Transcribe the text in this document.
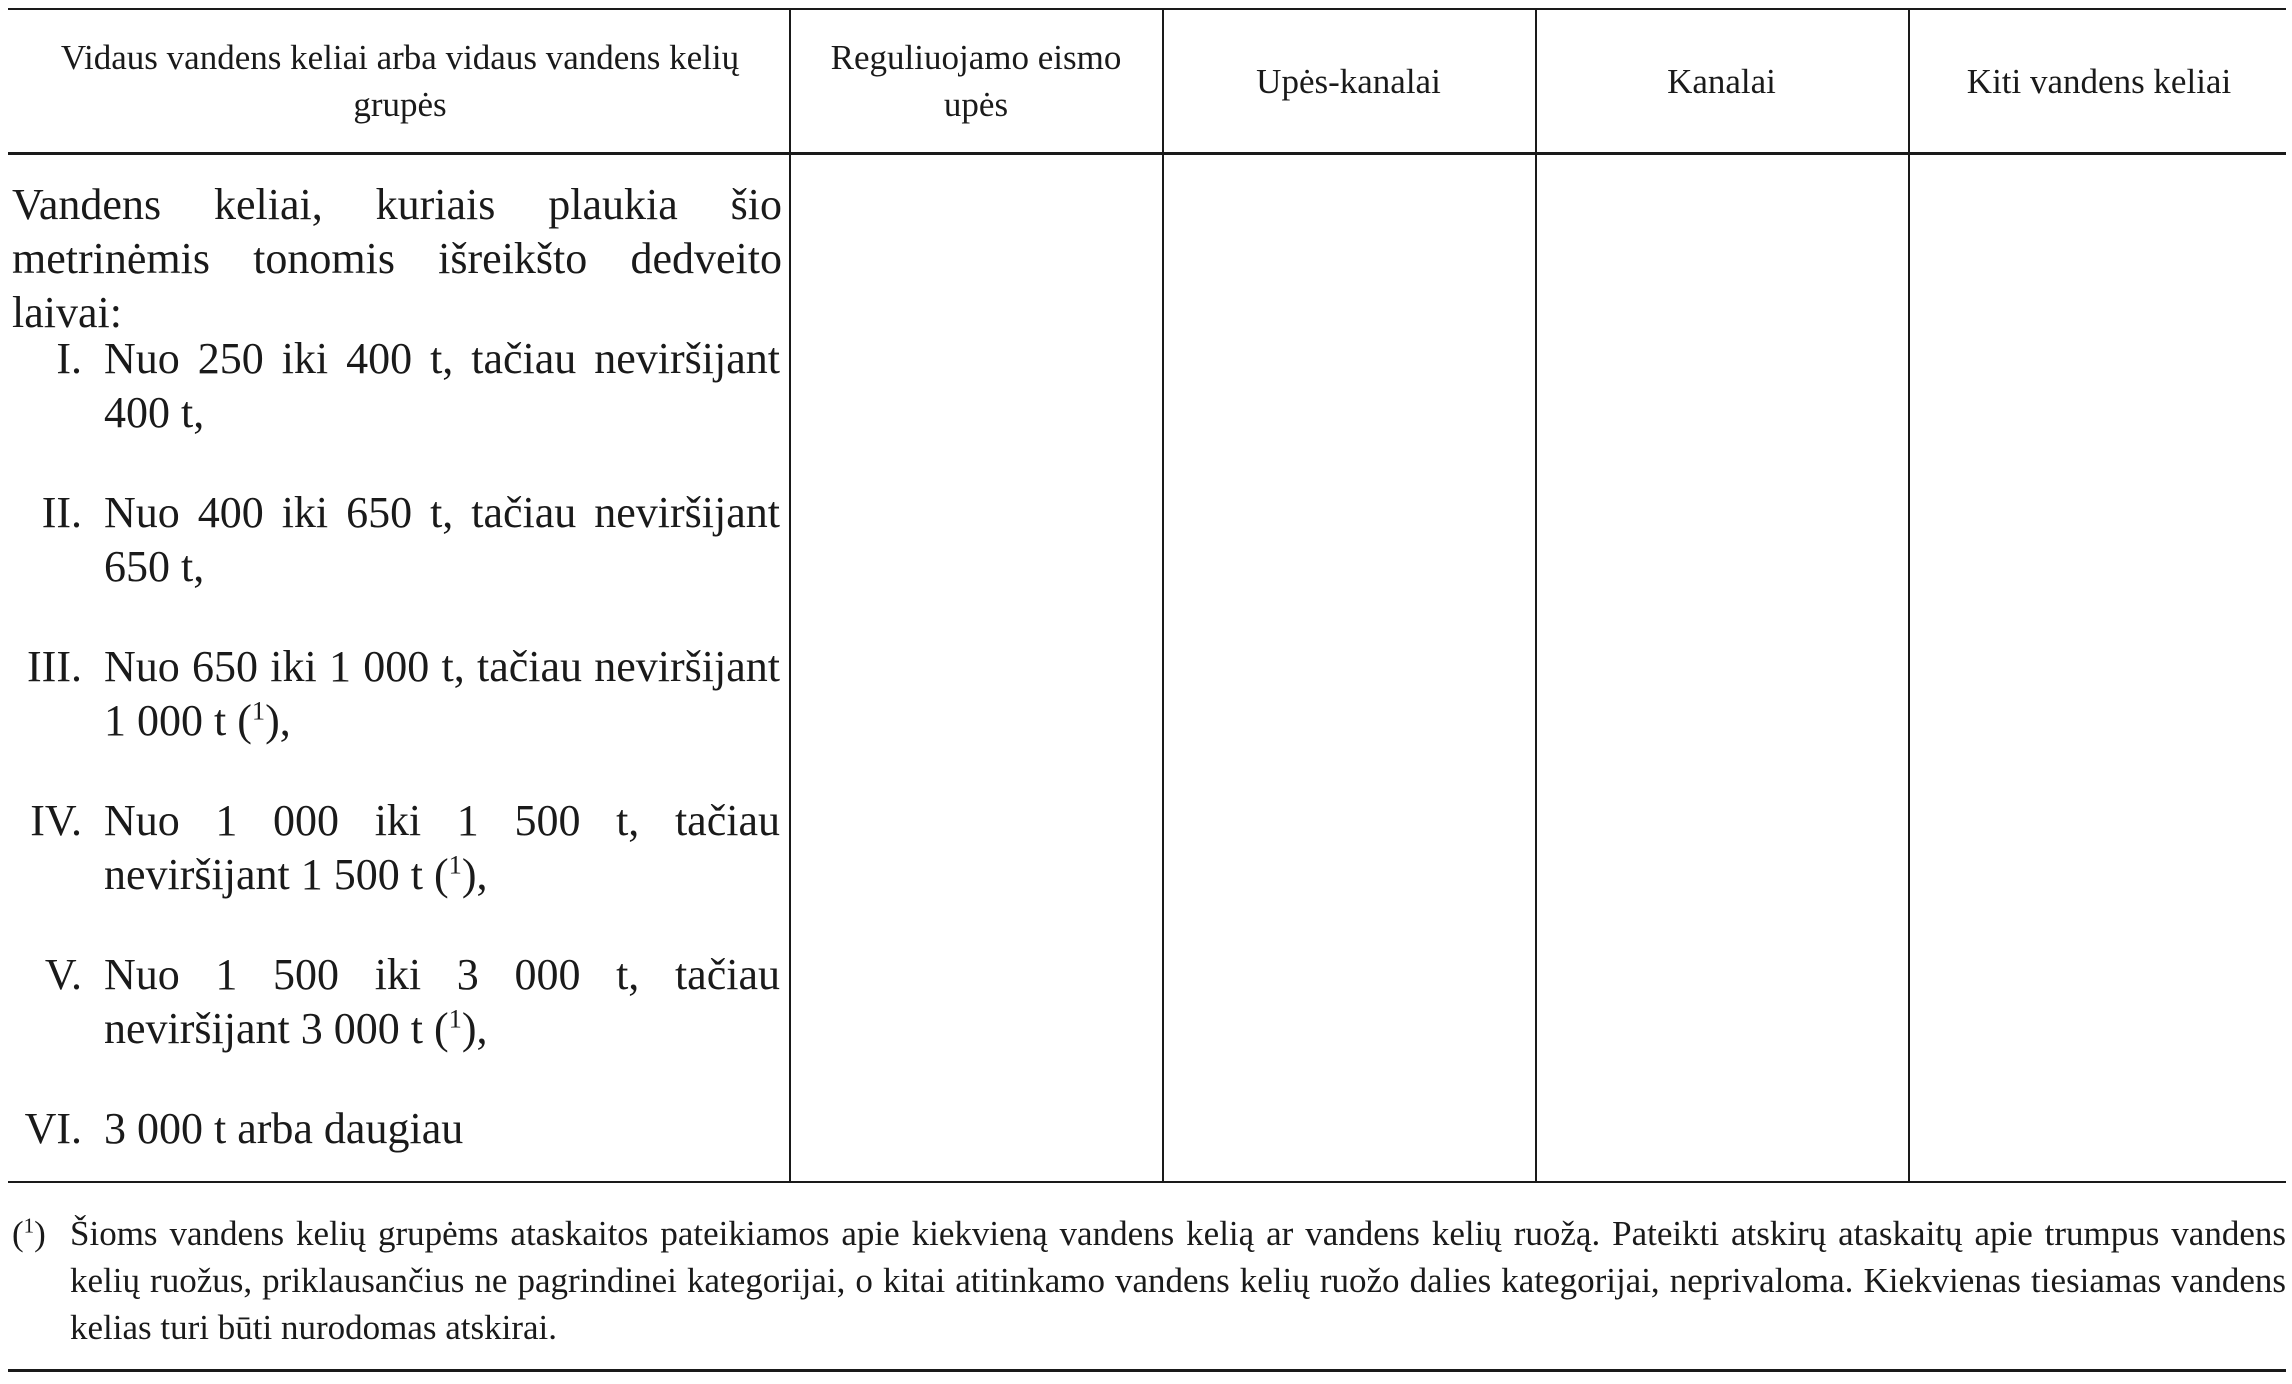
Vidaus vandens keliai arba vidaus vandens kelių grupės
Reguliuojamo eismo upės
Upės-kanalai	Kanalai	Kiti vandens keliai
Vandens keliai, kuriais plaukia šio metrinėmis tonomis išreikšto dedveito laivai:
I. Nuo 250 iki 400 t, tačiau neviršijant 400 t,
II. Nuo 400 iki 650 t, tačiau neviršijant 650 t,
III. Nuo 650 iki 1 000 t, tačiau neviršijant 1 000 t ($^1$),
IV. Nuo 1 000 iki 1 500 t, tačiau neviršijant 1 500 t ($^1$),
V. Nuo 1 500 iki 3 000 t, tačiau neviršijant 3 000 t ($^1$),
VI. 3 000 t arba daugiau
($^1$) Šioms vandens kelių grupėms ataskaitos pateikiamos apie kiekvieną vandens kelią ar vandens kelių ruožą. Pateikti atskirų ataskaitų apie trumpus vandens kelių ruožus, priklausančius ne pagrindinei kategorijai, o kitai atitinkamo vandens kelių ruožo dalies kategorijai, neprivaloma. Kiekvienas tiesiamas vandens kelias turi būti nurodomas atskirai.
